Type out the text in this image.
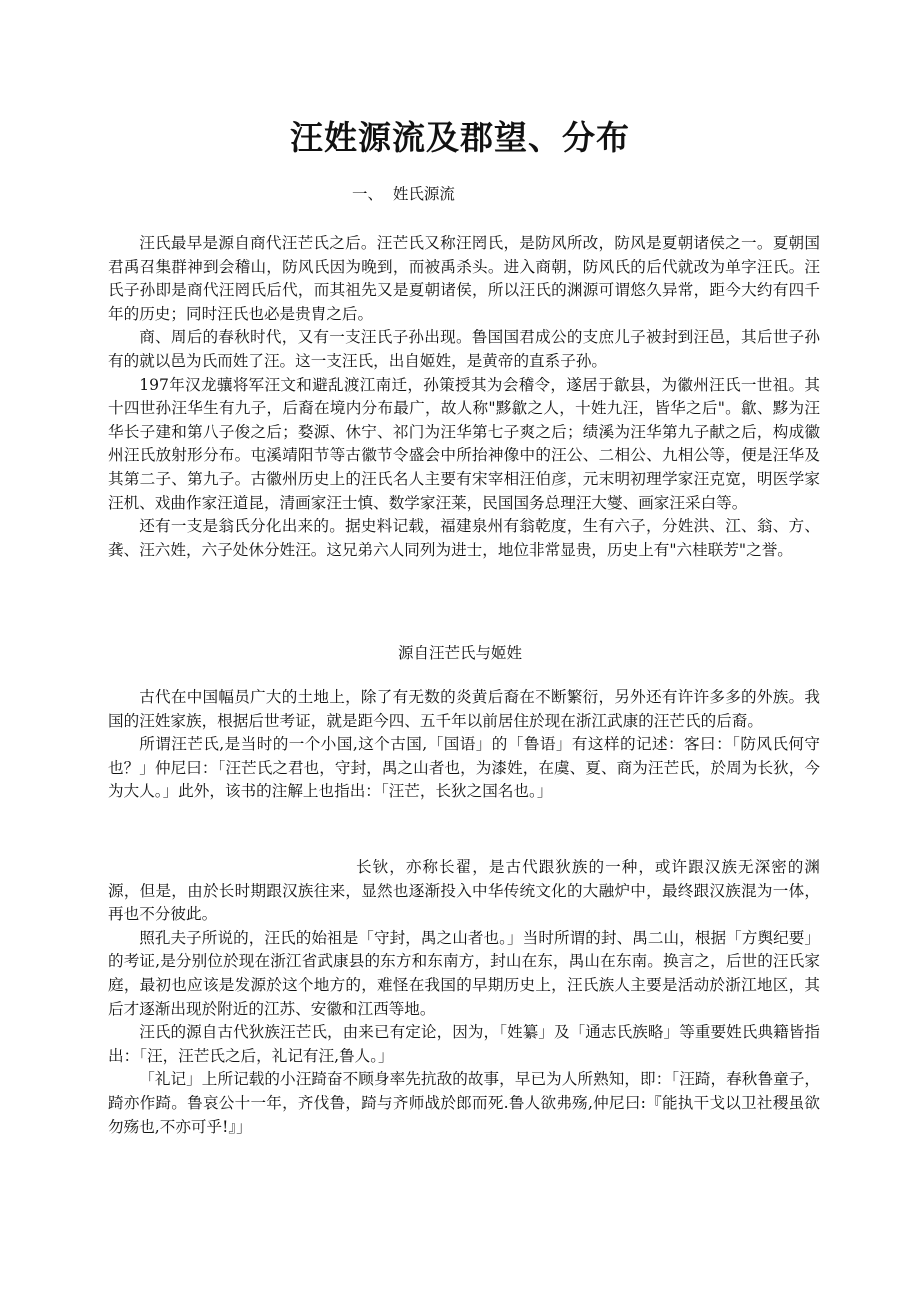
汪姓源流及郡望、分布
一、  姓氏源流

汪氏最早是源自商代汪芒氏之后。汪芒氏又称汪罔氏，是防风所改，防风是夏朝诸侯之一。夏朝国君禹召集群神到会稽山，防风氏因为晚到，而被禹杀头。进入商朝，防风氏的后代就改为单字汪氏。汪氏子孙即是商代汪罔氏后代，而其祖先又是夏朝诸侯，所以汪氏的渊源可谓悠久异常，距今大约有四千年的历史；同时汪氏也必是贵胄之后。

商、周后的春秋时代，又有一支汪氏子孙出现。鲁国国君成公的支庶儿子被封到汪邑，其后世子孙有的就以邑为氏而姓了汪。这一支汪氏，出自姬姓，是黄帝的直系子孙。

197年汉龙骧将军汪文和避乱渡江南迁，孙策授其为会稽令，遂居于歙县，为徽州汪氏一世祖。其十四世孙汪华生有九子，后裔在境内分布最广，故人称"黟歙之人，十姓九汪，皆华之后"。歙、黟为汪华长子建和第八子俊之后；婺源、休宁、祁门为汪华第七子爽之后；绩溪为汪华第九子献之后，构成徽州汪氏放射形分布。屯溪靖阳节等古徽节令盛会中所抬神像中的汪公、二相公、九相公等，便是汪华及其第二子、第九子。古徽州历史上的汪氏名人主要有宋宰相汪伯彦，元末明初理学家汪克宽，明医学家汪机、戏曲作家汪道昆，清画家汪士慎、数学家汪莱，民国国务总理汪大燮、画家汪采白等。

还有一支是翁氏分化出来的。据史料记载，福建泉州有翁乾度，生有六子，分姓洪、江、翁、方、龚、汪六姓，六子处休分姓汪。这兄弟六人同列为进士，地位非常显贵，历史上有"六桂联芳"之誉。

源自汪芒氏与姬姓

古代在中国幅员广大的土地上，除了有无数的炎黄后裔在不断繁衍，另外还有许许多多的外族。我国的汪姓家族，根据后世考证，就是距今四、五千年以前居住於现在浙江武康的汪芒氏的后裔。

所谓汪芒氏,是当时的一个小国,这个古国,「国语」的「鲁语」有这样的记述：客曰：「防风氏何守也？」仲尼曰：「汪芒氏之君也，守封，禺之山者也，为漆姓，在虞、夏、商为汪芒氏，於周为长狄，今为大人。」此外，该书的注解上也指出：「汪芒，长狄之国名也。」

长钬，亦称长翟，是古代跟狄族的一种，或许跟汉族无深密的渊源，但是，由於长时期跟汉族往来，显然也逐渐投入中华传统文化的大融炉中，最终跟汉族混为一体，再也不分彼此。

照孔夫子所说的，汪氏的始祖是「守封，禺之山者也。」当时所谓的封、禺二山，根据「方舆纪要」的考证,是分别位於现在浙江省武康县的东方和东南方，封山在东，禺山在东南。换言之，后世的汪氏家庭，最初也应该是发源於这个地方的，难怪在我国的早期历史上，汪氏族人主要是活动於浙江地区，其后才逐渐出现於附近的江苏、安徽和江西等地。

汪氏的源自古代狄族汪芒氏，由来已有定论，因为，「姓纂」及「通志氏族略」等重要姓氏典籍皆指出：「汪，汪芒氏之后，礼记有汪,鲁人。」

「礼记」上所记载的小汪踦奋不顾身率先抗敌的故事，早已为人所熟知，即：「汪踦，春秋鲁童子，踦亦作踦。鲁哀公十一年，齐伐鲁，踦与齐师战於郎而死.鲁人欲弗殇,仲尼曰:『能执干戈以卫社稷虽欲勿殇也,不亦可乎!』」
